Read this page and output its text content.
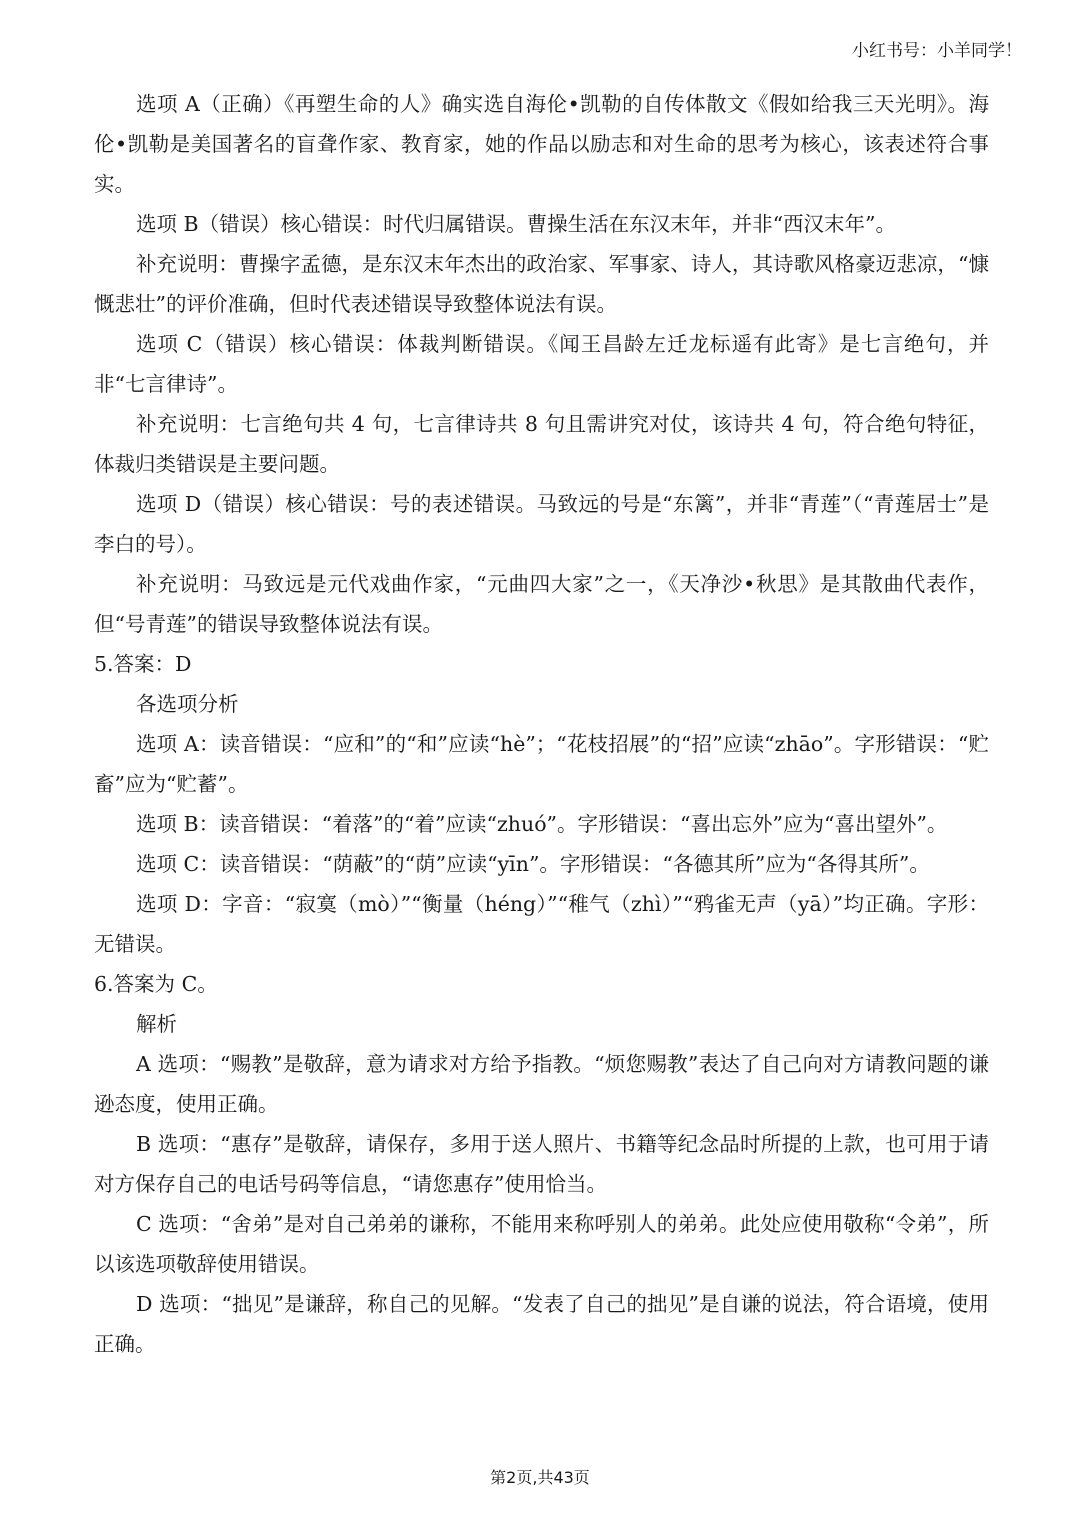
小红书号：小羊同学！

选项 A（正确）《再塑生命的人》确实选自海伦•凯勒的自传体散文《假如给我三天光明》。海伦•凯勒是美国著名的盲聋作家、教育家，她的作品以励志和对生命的思考为核心，该表述符合事实。

选项 B（错误）核心错误：时代归属错误。曹操生活在东汉末年，并非“西汉末年”。

补充说明：曹操字孟德，是东汉末年杰出的政治家、军事家、诗人，其诗歌风格豪迈悲凉，“慷慨悲壮”的评价准确，但时代表述错误导致整体说法有误。

选项 C（错误）核心错误：体裁判断错误。《闻王昌龄左迁龙标遥有此寄》是七言绝句，并非“七言律诗”。

补充说明：七言绝句共 4 句，七言律诗共 8 句且需讲究对仗，该诗共 4 句，符合绝句特征，体裁归类错误是主要问题。

选项 D（错误）核心错误：号的表述错误。马致远的号是“东篱”，并非“青莲”（“青莲居士”是李白的号）。

补充说明：马致远是元代戏曲作家，“元曲四大家”之一，《天净沙•秋思》是其散曲代表作，但“号青莲”的错误导致整体说法有误。

5.答案：D

各选项分析

选项 A：读音错误：“应和”的“和”应读“hè”；“花枝招展”的“招”应读“zhāo”。字形错误：“贮畜”应为“贮蓄”。

选项 B：读音错误：“着落”的“着”应读“zhuó”。字形错误：“喜出忘外”应为“喜出望外”。

选项 C：读音错误：“荫蔽”的“荫”应读“yīn”。字形错误：“各德其所”应为“各得其所”。

选项 D：字音：“寂寞（mò）”“衡量（héng）”“稚气（zhì）”“鸦雀无声（yā）”均正确。字形：无错误。

6.答案为 C。

解析

A 选项：“赐教”是敬辞，意为请求对方给予指教。“烦您赐教”表达了自己向对方请教问题的谦逊态度，使用正确。

B 选项：“惠存”是敬辞，请保存，多用于送人照片、书籍等纪念品时所提的上款，也可用于请对方保存自己的电话号码等信息，“请您惠存”使用恰当。

C 选项：“舍弟”是对自己弟弟的谦称，不能用来称呼别人的弟弟。此处应使用敬称“令弟”，所以该选项敬辞使用错误。

D 选项：“拙见”是谦辞，称自己的见解。“发表了自己的拙见”是自谦的说法，符合语境，使用正确。

第2页,共43页
